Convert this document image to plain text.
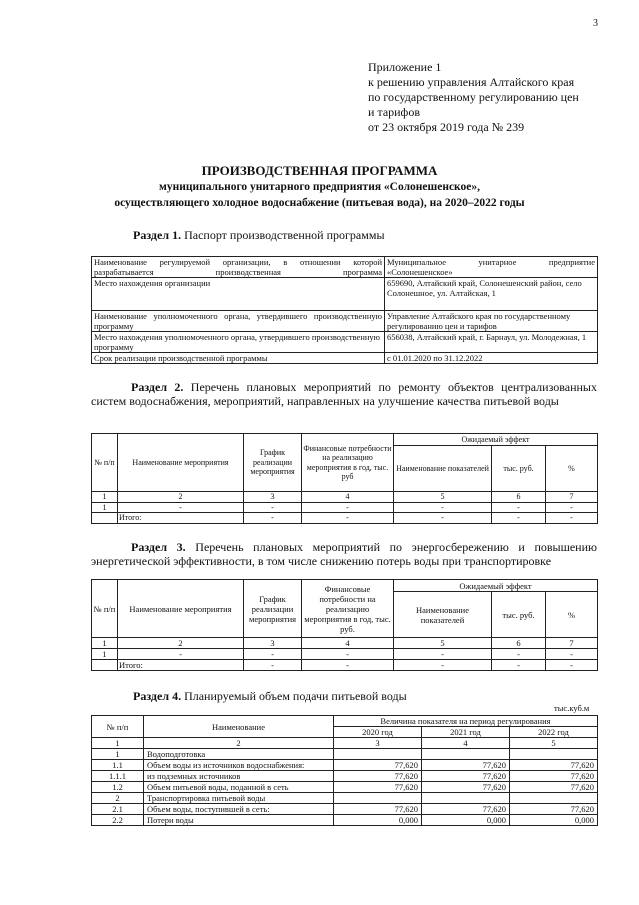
3
Приложение 1
к решению управления Алтайского края
по государственному регулированию цен
и тарифов
от 23 октября 2019 года № 239
ПРОИЗВОДСТВЕННАЯ ПРОГРАММА
муниципального унитарного предприятия «Солонешенское»,
осуществляющего холодное водоснабжение (питьевая вода), на 2020–2022 годы
Раздел 1. Паспорт производственной программы
Наименование регулируемой организации, в отношении которой разрабатывается производственная программа	Муниципальное унитарное предприятие «Солонешенское»
Место нахождения организации	659690, Алтайский край, Солонешенский район, село Солонешное, ул. Алтайская, 1
Наименование уполномоченного органа, утвердившего производственную программу	Управление Алтайского края по государственному регулированию цен и тарифов
Место нахождения уполномоченного органа, утвердившего производственную программу	656038, Алтайский край, г. Барнаул, ул. Молодежная, 1
Срок реализации производственной программы	с 01.01.2020 по 31.12.2022
Раздел 2. Перечень плановых мероприятий по ремонту объектов централизованных систем водоснабжения, мероприятий, направленных на улучшение качества питьевой воды
№ п/п	Наименование мероприятия	График реализации мероприятия	Финансовые потребности на реализацию мероприятия в год, тыс. руб	Ожидаемый эффект		
				Наименование показателей	тыс. руб.	%
1	2	3	4	5	6	7
1	-	-	-	-	-	-
	Итого:	-	-	-	-	-
Раздел 3. Перечень плановых мероприятий по энергосбережению и повышению энергетической эффективности, в том числе снижению потерь воды при транспортировке
№ п/п	Наименование мероприятия	График реализации мероприятия	Финансовые потребности на реализацию мероприятия в год, тыс. руб.	Ожидаемый эффект		
				Наименование показателей	тыс. руб.	%
1	2	3	4	5	6	7
1	-	-	-	-	-	-
	Итого:	-	-	-	-	-
Раздел 4. Планируемый объем подачи питьевой воды
тыс.куб.м
№ п/п	Наименование	Величина показателя на период регулирования		
		2020 год	2021 год	2022 год
1	2	3	4	5
1	Водоподготовка			
1.1	Объем воды из источников водоснабжения:	77,620	77,620	77,620
1.1.1	из подземных источников	77,620	77,620	77,620
1.2	Объем питьевой воды, поданной в сеть	77,620	77,620	77,620
2	Транспортировка питьевой воды			
2.1	Объем воды, поступившей в сеть:	77,620	77,620	77,620
2.2	Потери воды	0,000	0,000	0,000
